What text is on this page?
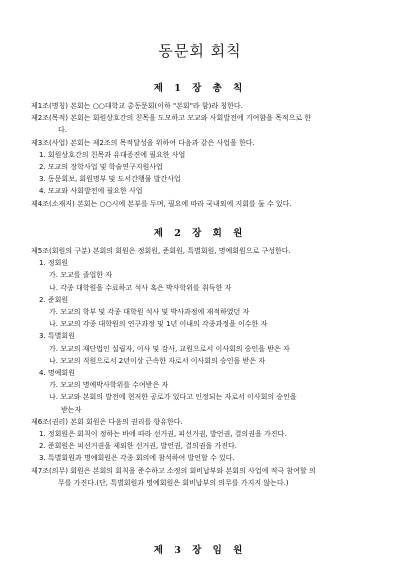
동문회 회칙
제 1 장 총 칙
제1조(명칭) 본회는 ○○대학교 총동문회(이하 "본회"라 함)라 칭한다.
제2조(목적) 본회는 회원상호간의 친목을 도모하고 모교와 사회발전에 기여함을 목적으로 한
다.
제3조(사업) 본회는 제2조의 목적달성을 위하여 다음과 같은 사업을 한다.
1. 회원상호간의 친목과 유대증진에 필요한 사업
2. 모교의 장학사업 및 학술연구지원사업
3. 동문회보, 회원명부 및 도서간행물 발간사업
4. 모교와 사회발전에 필요한 사업
제4조(소재지) 본회는 ○○시에 본부를 두며, 필요에 따라 국내외에 지회를 둘 수 있다.
제 2 장 회 원
제5조(회원의 구분) 본회의 회원은 정회원, 준회원, 특별회원, 명예회원으로 구성한다.
1. 정회원
가. 모교를 졸업한 자
나. 각종 대학원을 수료하고 석사 혹은 박사학위를 취득한 자
2. 준회원
가. 모교의 학부 및 각종 대학원 석사 및 박사과정에 재적하였던 자
나. 모교의 각종 대학원의 연구과정 및 1년 이내의 각종과정을 이수한 자
3. 특별회원
가. 모교의 재단법인 설립자, 이사 및 감사, 교원으로서 이사회의 승인을 받은 자
나. 모교의 직원으로서 2년이상 근속한 자로서 이사회의 승인을 받은 자
4. 명예회원
가. 모교의 명예박사학위를 수여받은 자
나. 모교와 본회의 발전에 현저한 공로가 있다고 인정되는 자로서 이사회의 승인을
받는자
제6조(권리) 본회 회원은 다음의 권리를 향유한다.
1. 정회원은 회칙이 정하는 바에 따라 선거권, 피선거권, 발언권, 결의권을 가진다.
2. 준회원은 피선거권을 제외한 선거권, 발언권, 결의권을 가진다.
3. 특별회원과 명예회원은 각종 회의에 참석하여 발언할 수 있다.
제7조(의무) 회원은 본회의 회칙을 준수하고 소정의 회비납부와 본회의 사업에 적극 참여할 의
무를 가진다.(단, 특별회원과 명예회원은 회비납부의 의무를 가지지 않는다.)
제 3 장 임 원
